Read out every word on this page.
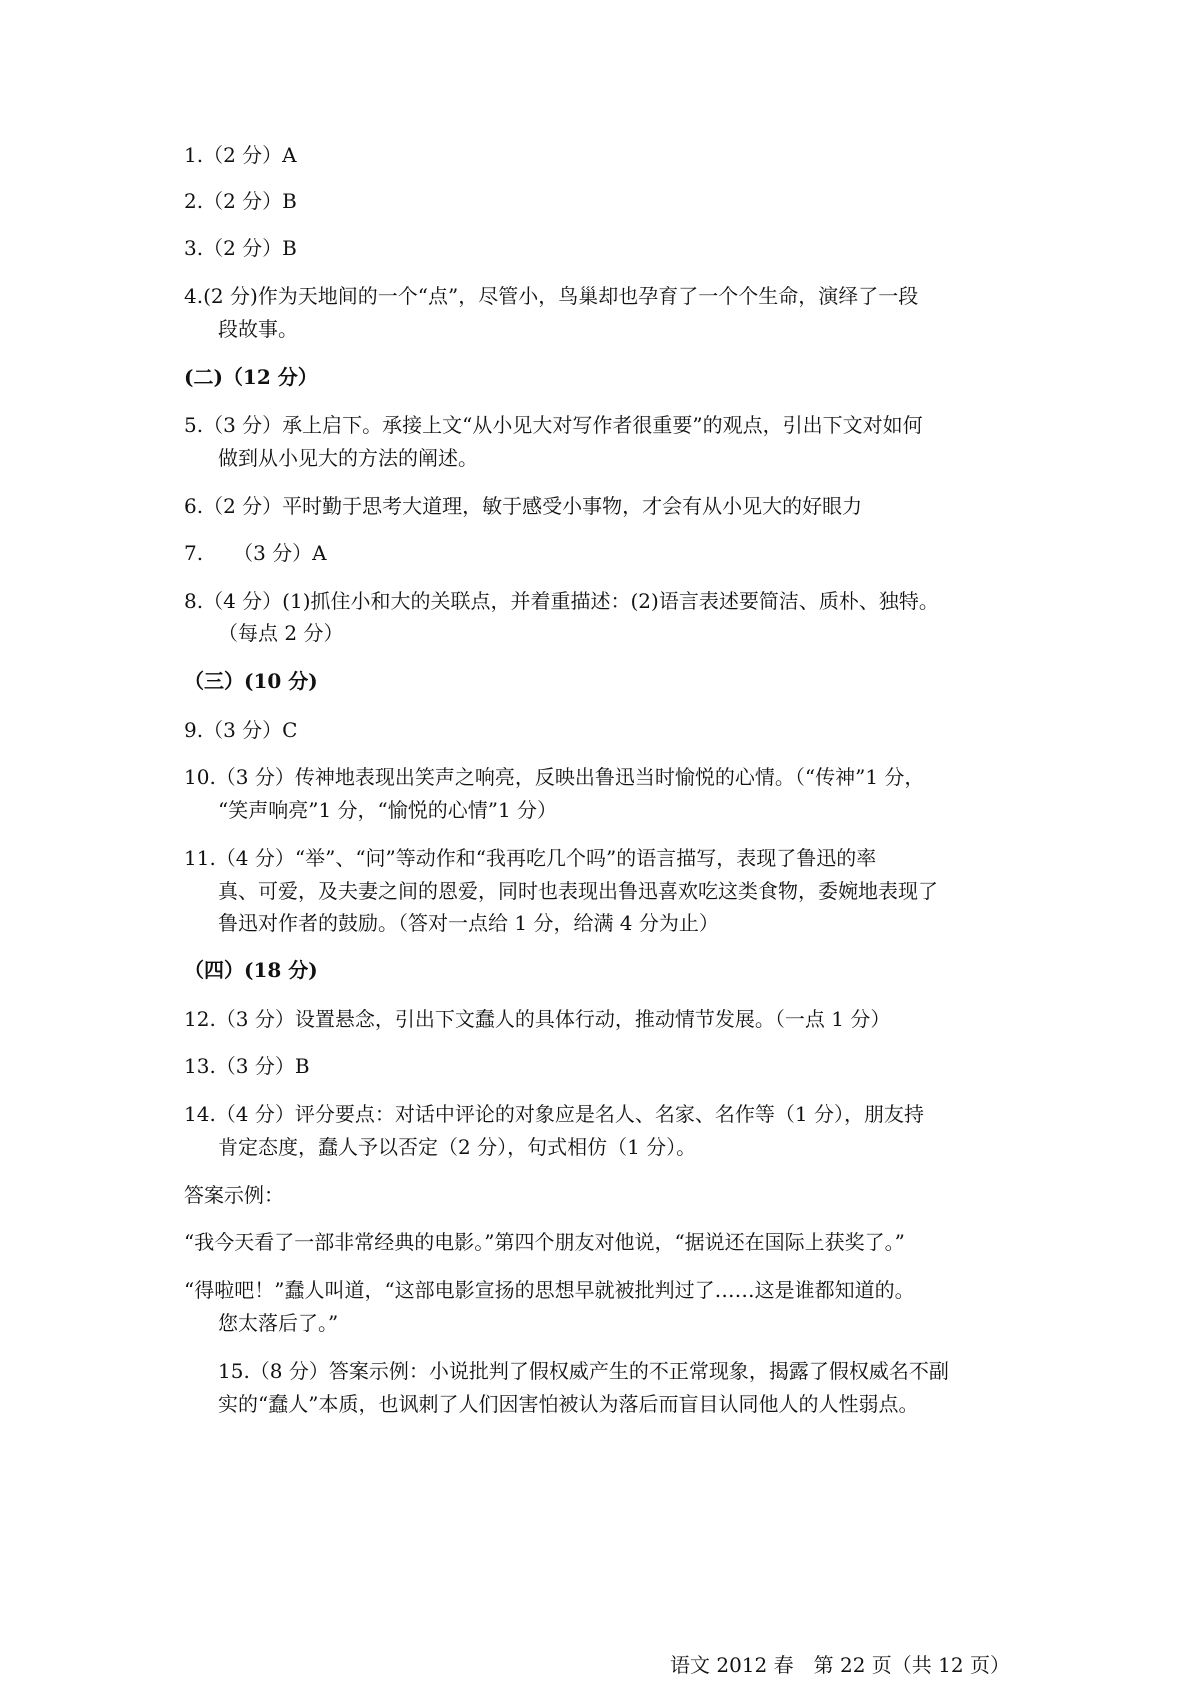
1.（2 分）A
2.（2 分）B
3.（2 分）B
4.(2 分)作为天地间的一个“点”，尽管小，鸟巢却也孕育了一个个生命，演绎了一段
段故事。
(二)（12 分）
5.（3 分）承上启下。承接上文“从小见大对写作者很重要”的观点，引出下文对如何
做到从小见大的方法的阐述。
6.（2 分）平时勤于思考大道理，敏于感受小事物，才会有从小见大的好眼力
7.　　（3 分）A
8.（4 分）(1)抓住小和大的关联点，并着重描述：(2)语言表述要简洁、质朴、独特。
（每点 2 分）
（三）(10 分)
9.（3 分）C
10.（3 分）传神地表现出笑声之响亮，反映出鲁迅当时愉悦的心情。（“传神”1 分，
“笑声响亮”1 分，“愉悦的心情”1 分）
11.（4 分）“举”、“问”等动作和“我再吃几个吗”的语言描写，表现了鲁迅的率
真、可爱，及夫妻之间的恩爱，同时也表现出鲁迅喜欢吃这类食物，委婉地表现了
鲁迅对作者的鼓励。（答对一点给 1 分，给满 4 分为止）
（四）(18 分)
12.（3 分）设置悬念，引出下文蠢人的具体行动，推动情节发展。（一点 1 分）
13.（3 分）B
14.（4 分）评分要点：对话中评论的对象应是名人、名家、名作等（1 分），朋友持
肯定态度，蠢人予以否定（2 分），句式相仿（1 分）。
答案示例：
“我今天看了一部非常经典的电影。”第四个朋友对他说，“据说还在国际上获奖了。”
“得啦吧！”蠢人叫道，“这部电影宣扬的思想早就被批判过了……这是谁都知道的。
您太落后了。”
15.（8 分）答案示例：小说批判了假权威产生的不正常现象，揭露了假权威名不副
实的“蠢人”本质，也讽刺了人们因害怕被认为落后而盲目认同他人的人性弱点。
语文 2012 春　第 22 页（共 12 页）
